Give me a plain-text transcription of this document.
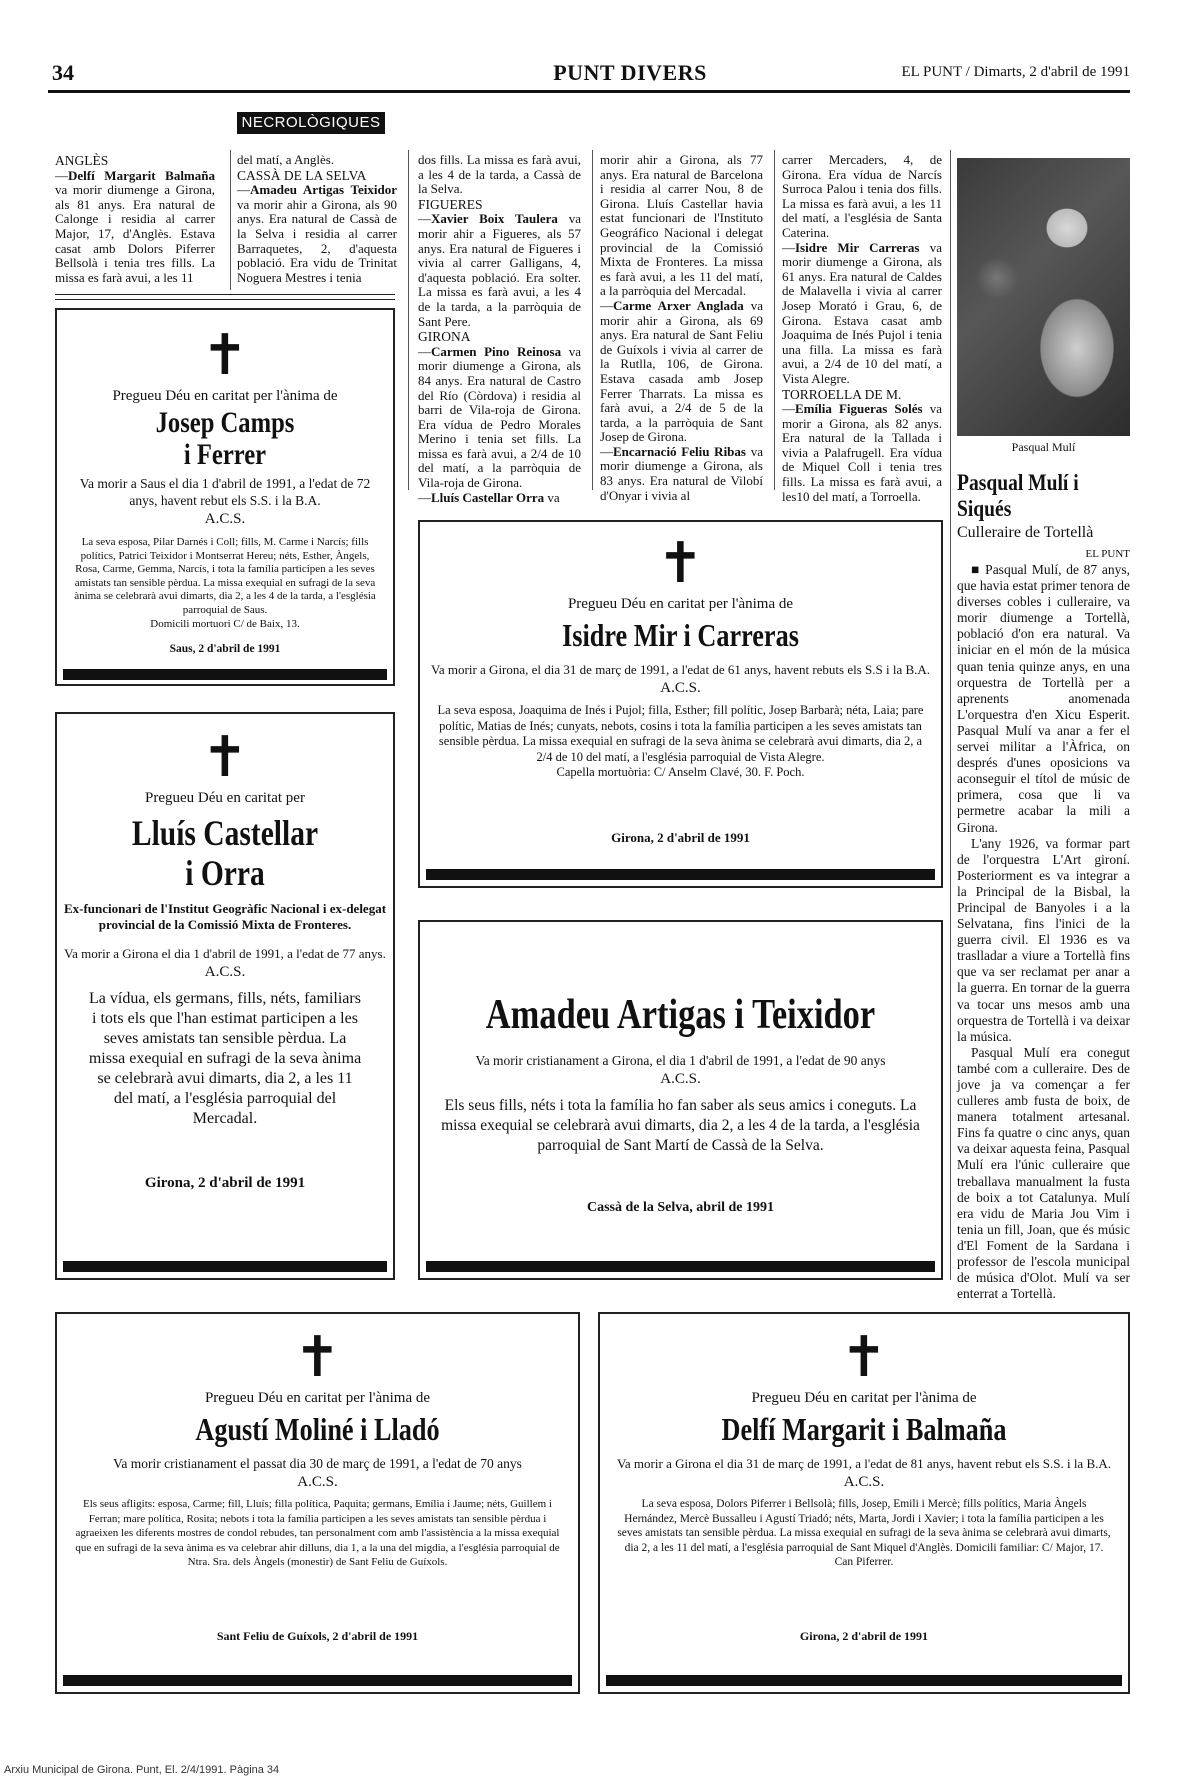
34	PUNT DIVERS	EL PUNT / Dimarts, 2 d'abril de 1991
NECROLÒGIQUES

ANGLÈS

—Delfí Margarit Balmaña va morir diumenge a Girona, als 81 anys. Era natural de Calonge i residia al carrer Major, 17, d'Anglès. Estava casat amb Dolors Piferrer Bellsolà i tenia tres fills. La missa es farà avui, a les 11

del matí, a Anglès.

CASSÀ DE LA SELVA

—Amadeu Artigas Teixidor va morir ahir a Girona, als 90 anys. Era natural de Cassà de la Selva i residia al carrer Barraquetes, 2, d'aquesta població. Era vidu de Trinitat Noguera Mestres i tenia

dos fills. La missa es farà avui, a les 4 de la tarda, a Cassà de la Selva.

FIGUERES

—Xavier Boix Taulera va morir ahir a Figueres, als 57 anys. Era natural de Figueres i vivia al carrer Galligans, 4, d'aquesta població. Era solter. La missa es farà avui, a les 4 de la tarda, a la parròquia de Sant Pere.

GIRONA

—Carmen Pino Reinosa va morir diumenge a Girona, als 84 anys. Era natural de Castro del Río (Còrdova) i residia al barri de Vila-roja de Girona. Era vídua de Pedro Morales Merino i tenia set fills. La missa es farà avui, a 2/4 de 10 del matí, a la parròquia de Vila-roja de Girona.

—Lluís Castellar Orra va

morir ahir a Girona, als 77 anys. Era natural de Barcelona i residia al carrer Nou, 8 de Girona. Lluís Castellar havia estat funcionari de l'Instituto Geográfico Nacional i delegat provincial de la Comissió Mixta de Fronteres. La missa es farà avui, a les 11 del matí, a la parròquia del Mercadal.

—Carme Arxer Anglada va morir ahir a Girona, als 69 anys. Era natural de Sant Feliu de Guíxols i vivia al carrer de la Rutlla, 106, de Girona. Estava casada amb Josep Ferrer Tharrats. La missa es farà avui, a 2/4 de 5 de la tarda, a la parròquia de Sant Josep de Girona.

—Encarnació Feliu Ribas va morir diumenge a Girona, als 83 anys. Era natural de Vilobí d'Onyar i vivia al

carrer Mercaders, 4, de Girona. Era vídua de Narcís Surroca Palou i tenia dos fills. La missa es farà avui, a les 11 del matí, a l'església de Santa Caterina.

—Isidre Mir Carreras va morir diumenge a Girona, als 61 anys. Era natural de Caldes de Malavella i vivia al carrer Josep Morató i Grau, 6, de Girona. Estava casat amb Joaquima de Inés Pujol i tenia una filla. La missa es farà avui, a 2/4 de 10 del matí, a Vista Alegre.

TORROELLA DE M.

—Emília Figueras Solés va morir a Girona, als 82 anys. Era natural de la Tallada i vivia a Palafrugell. Era vídua de Miquel Coll i tenia tres fills. La missa es farà avui, a les10 del matí, a Torroella.

✝
Pregueu Déu en caritat per l'ànima de
Josep Camps
i Ferrer
Va morir a Saus el dia 1 d'abril de 1991, a l'edat de 72 anys, havent rebut els S.S. i la B.A.
A.C.S.
La seva esposa, Pilar Darnés i Coll; fills, M. Carme i Narcís; fills polítics, Patrici Teixidor i Montserrat Hereu; néts, Esther, Àngels, Rosa, Carme, Gemma, Narcís, i tota la família participen a les seves amistats tan sensible pèrdua. La missa exequial en sufragi de la seva ànima se celebrarà avui dimarts, dia 2, a les 4 de la tarda, a l'església parroquial de Saus.
Domicili mortuori C/ de Baix, 13.
Saus, 2 d'abril de 1991
✝
Pregueu Déu en caritat per
Lluís Castellar
i Orra
Ex-funcionari de l'Institut Geogràfic Nacional i ex-delegat provincial de la Comissió Mixta de Fronteres.
Va morir a Girona el dia 1 d'abril de 1991, a l'edat de 77 anys.
A.C.S.
La vídua, els germans, fills, néts, familiars i tots els que l'han estimat participen a les seves amistats tan sensible pèrdua. La missa exequial en sufragi de la seva ànima se celebrarà avui dimarts, dia 2, a les 11 del matí, a l'església parroquial del Mercadal.
Girona, 2 d'abril de 1991
✝
Pregueu Déu en caritat per l'ànima de
Isidre Mir i Carreras
Va morir a Girona, el dia 31 de març de 1991, a l'edat de 61 anys, havent rebuts els S.S i la B.A.
A.C.S.
La seva esposa, Joaquima de Inés i Pujol; filla, Esther; fill polític, Josep Barbarà; néta, Laia; pare polític, Matias de Inés; cunyats, nebots, cosins i tota la família participen a les seves amistats tan sensible pèrdua. La missa exequial en sufragi de la seva ànima se celebrarà avui dimarts, dia 2, a 2/4 de 10 del matí, a l'església parroquial de Vista Alegre.
Capella mortuòria: C/ Anselm Clavé, 30. F. Poch.
Girona, 2 d'abril de 1991
Amadeu Artigas i Teixidor
Va morir cristianament a Girona, el dia 1 d'abril de 1991, a l'edat de 90 anys
A.C.S.
Els seus fills, néts i tota la família ho fan saber als seus amics i coneguts. La missa exequial se celebrarà avui dimarts, dia 2, a les 4 de la tarda, a l'església parroquial de Sant Martí de Cassà de la Selva.
Cassà de la Selva, abril de 1991
Pasqual Mulí
Pasqual Mulí i Siqués
Culleraire de Tortellà
EL PUNT

■ Pasqual Mulí, de 87 anys, que havia estat primer tenora de diverses cobles i culleraire, va morir diumenge a Tortellà, població d'on era natural. Va iniciar en el món de la música quan tenia quinze anys, en una orquestra de Tortellà per a aprenents anomenada L'orquestra d'en Xicu Esperit. Pasqual Mulí va anar a fer el servei militar a l'Àfrica, on després d'unes oposicions va aconseguir el títol de músic de primera, cosa que li va permetre acabar la mili a Girona.

L'any 1926, va formar part de l'orquestra L'Art gironí. Posteriorment es va integrar a la Principal de la Bisbal, la Principal de Banyoles i a la Selvatana, fins l'inici de la guerra civil. El 1936 es va traslladar a viure a Tortellà fins que va ser reclamat per anar a la guerra. En tornar de la guerra va tocar uns mesos amb una orquestra de Tortellà i va deixar la música.

Pasqual Mulí era conegut també com a culleraire. Des de jove ja va començar a fer culleres amb fusta de boix, de manera totalment artesanal. Fins fa quatre o cinc anys, quan va deixar aquesta feina, Pasqual Mulí era l'únic culleraire que treballava manualment la fusta de boix a tot Catalunya. Mulí era vidu de Maria Jou Vim i tenia un fill, Joan, que és músic d'El Foment de la Sardana i professor de l'escola municipal de música d'Olot. Mulí va ser enterrat a Tortellà.

✝
Pregueu Déu en caritat per l'ànima de
Agustí Moliné i Lladó
Va morir cristianament el passat dia 30 de març de 1991, a l'edat de 70 anys
A.C.S.
Els seus afligits: esposa, Carme; fill, Lluís; filla política, Paquita; germans, Emília i Jaume; néts, Guillem i Ferran; mare política, Rosita; nebots i tota la família participen a les seves amistats tan sensible pèrdua i agraeixen les diferents mostres de condol rebudes, tan personalment com amb l'assistència a la missa exequial que en sufragi de la seva ànima es va celebrar ahir dilluns, dia 1, a la una del migdia, a l'església parroquial de Ntra. Sra. dels Àngels (monestir) de Sant Feliu de Guíxols.
Sant Feliu de Guíxols, 2 d'abril de 1991
✝
Pregueu Déu en caritat per l'ànima de
Delfí Margarit i Balmaña
Va morir a Girona el dia 31 de març de 1991, a l'edat de 81 anys, havent rebut els S.S. i la B.A.
A.C.S.
La seva esposa, Dolors Piferrer i Bellsolà; fills, Josep, Emili i Mercè; fills polítics, Maria Àngels Hernández, Mercè Bussalleu i Agustí Triadó; néts, Marta, Jordi i Xavier; i tota la família participen a les seves amistats tan sensible pèrdua. La missa exequial en sufragi de la seva ànima se celebrarà avui dimarts, dia 2, a les 11 del matí, a l'església parroquial de Sant Miquel d'Anglès. Domicili familiar: C/ Major, 17. Can Piferrer.
Girona, 2 d'abril de 1991
Arxiu Municipal de Girona. Punt, El. 2/4/1991. Pàgina 34
